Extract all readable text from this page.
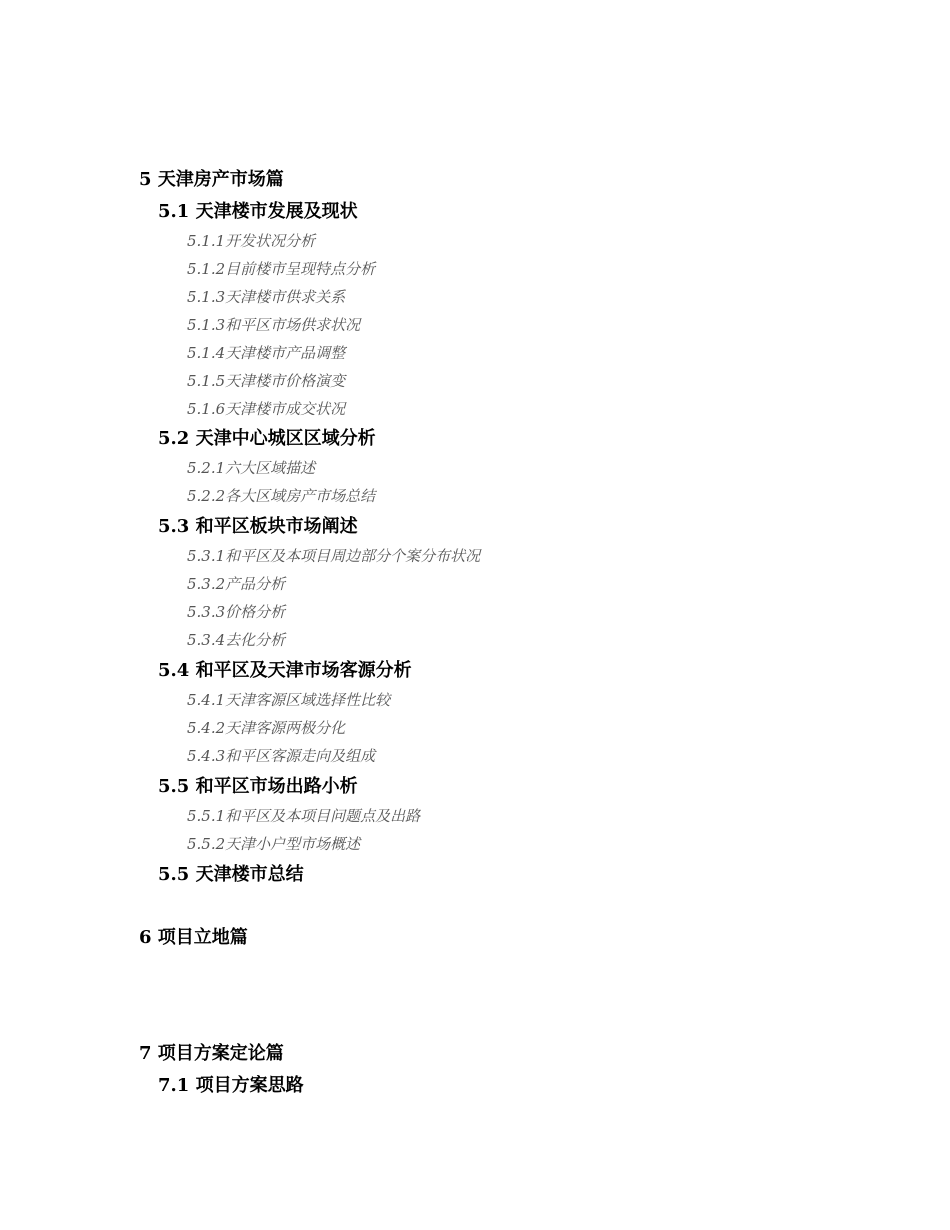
5 天津房产市场篇
5.1 天津楼市发展及现状
5.1.1开发状况分析
5.1.2目前楼市呈现特点分析
5.1.3天津楼市供求关系
5.1.3和平区市场供求状况
5.1.4天津楼市产品调整
5.1.5天津楼市价格演变
5.1.6天津楼市成交状况
5.2 天津中心城区区域分析
5.2.1六大区域描述
5.2.2各大区域房产市场总结
5.3 和平区板块市场阐述
5.3.1和平区及本项目周边部分个案分布状况
5.3.2产品分析
5.3.3价格分析
5.3.4去化分析
5.4 和平区及天津市场客源分析
5.4.1天津客源区域选择性比较
5.4.2天津客源两极分化
5.4.3和平区客源走向及组成
5.5 和平区市场出路小析
5.5.1和平区及本项目问题点及出路
5.5.2天津小户型市场概述
5.5 天津楼市总结
6 项目立地篇
7 项目方案定论篇
7.1 项目方案思路
